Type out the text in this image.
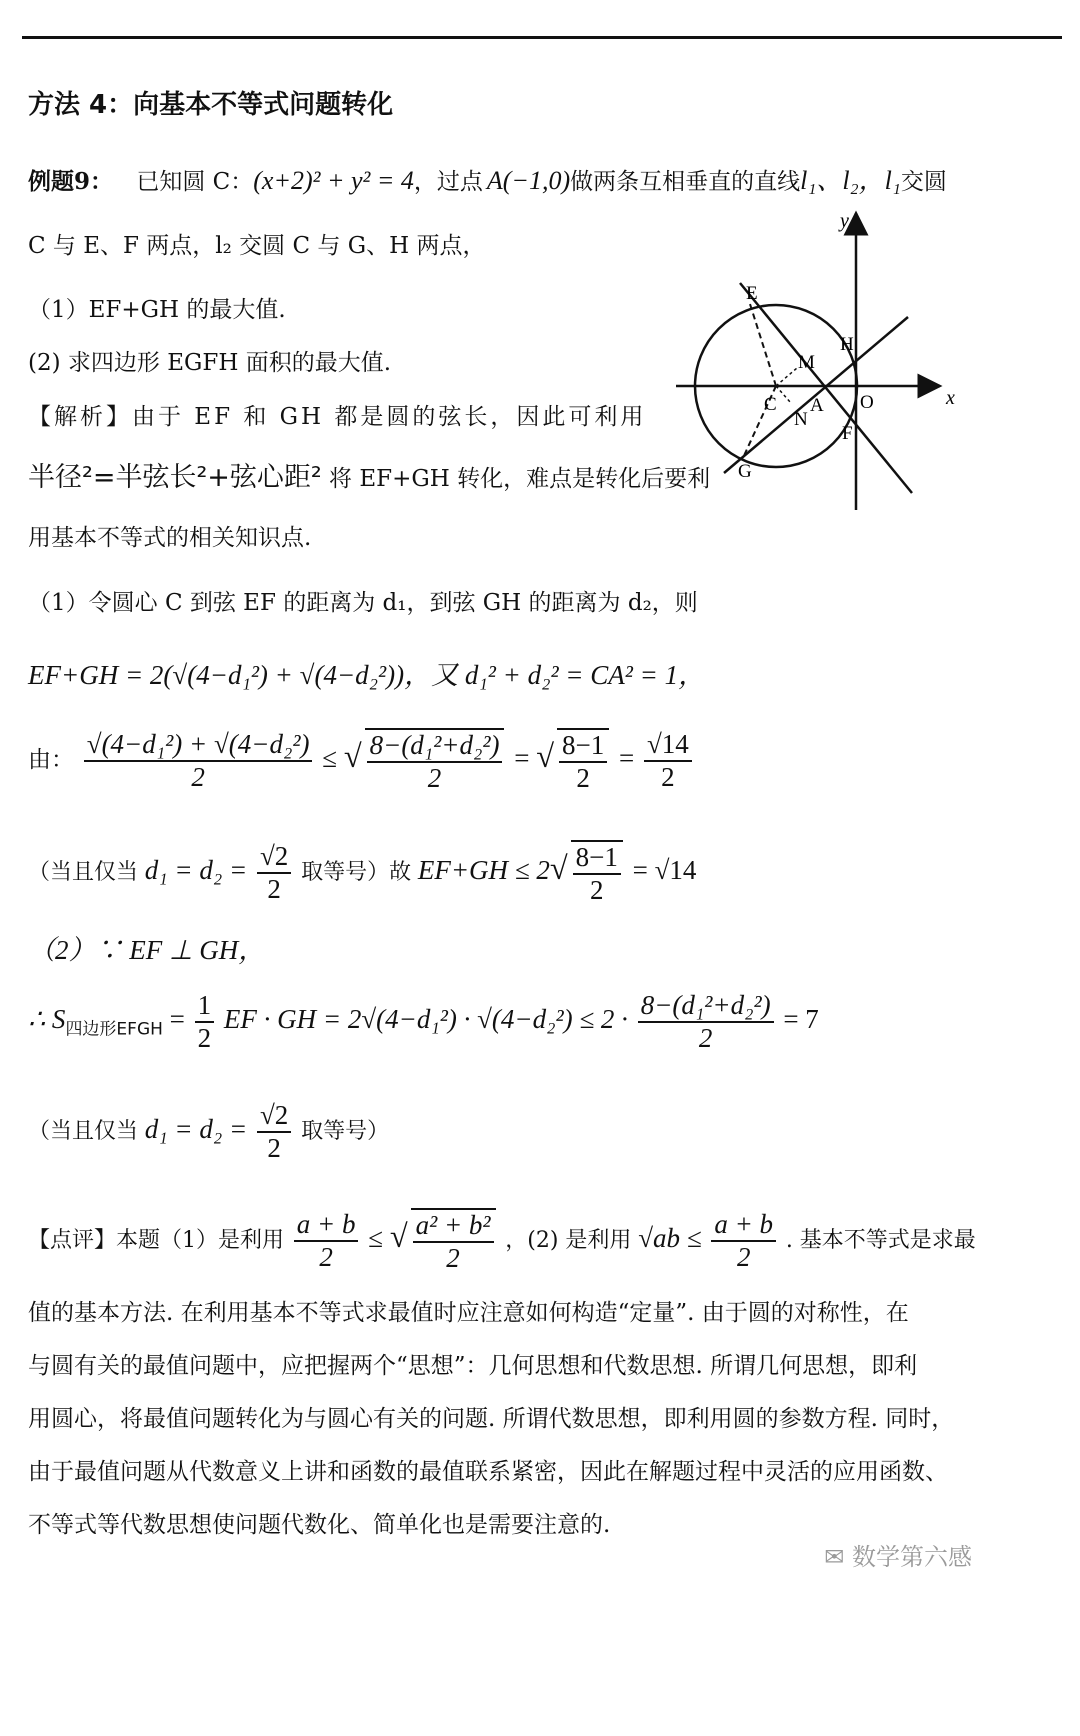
方法 4：向基本不等式问题转化
例题9： 已知圆 C：(x+2)² + y² = 4，过点 A(−1,0)做两条互相垂直的直线l₁、l₂，l₁交圆
C 与 E、F 两点，l₂ 交圆 C 与 G、H 两点，
（1）EF+GH 的最大值.
(2) 求四边形 EGFH 面积的最大值.
【解析】由于 EF 和 GH 都是圆的弦长，因此可利用
半径²=半弦长²+弦心距² 将 EF+GH 转化，难点是转化后要利
用基本不等式的相关知识点.
E
H
M
C A
N
O
F
G
x
y
（1）令圆心 C 到弦 EF 的距离为 d₁，到弦 GH 的距离为 d₂，则
EF+GH = 2(√(4−d₁²) + √(4−d₂²))，又 d₁² + d₂² = CA² = 1，
由： $\frac{\text{√(4−d₁²) + √(4−d₂²)}}{2}$ ≤ √ $\frac{\text{8−(d₁²+d₂²)}}{2}$ = √ $\frac{8-1}{2} = \frac{√14}{2}$
（当且仅当 $d_1 = d_2 = \frac{√2}{2}$ 取等号）故 $EF+GH \le 2√ \frac{8-1}{2} = √14$
（2）∵ EF ⊥ GH，
∴ $S_{四边形EFGH} = \frac{1}{2}$ EF · GH = $2√(4-d_1^2) \cdot √(4-d_2^2) \le 2 \cdot \frac{\text{8−(d₁²+d₂²)}}{2} = 7$
（当且仅当 $d_1 = d_2 = \frac{√2}{2}$ 取等号）
【点评】本题（1）是利用 $\frac{a + b}{2}$ ≤ √ $\frac{\text{a² + b²}}{2}$ ，(2) 是利用 $√ab \le \frac{a + b}{2}$ . 基本不等式是求最
值的基本方法. 在利用基本不等式求最值时应注意如何构造“定量”. 由于圆的对称性，在
与圆有关的最值问题中，应把握两个“思想”：几何思想和代数思想. 所谓几何思想，即利
用圆心，将最值问题转化为与圆心有关的问题. 所谓代数思想，即利用圆的参数方程. 同时，
由于最值问题从代数意义上讲和函数的最值联系紧密，因此在解题过程中灵活的应用函数、
不等式等代数思想使问题代数化、简单化也是需要注意的.
✉ 数学第六感
